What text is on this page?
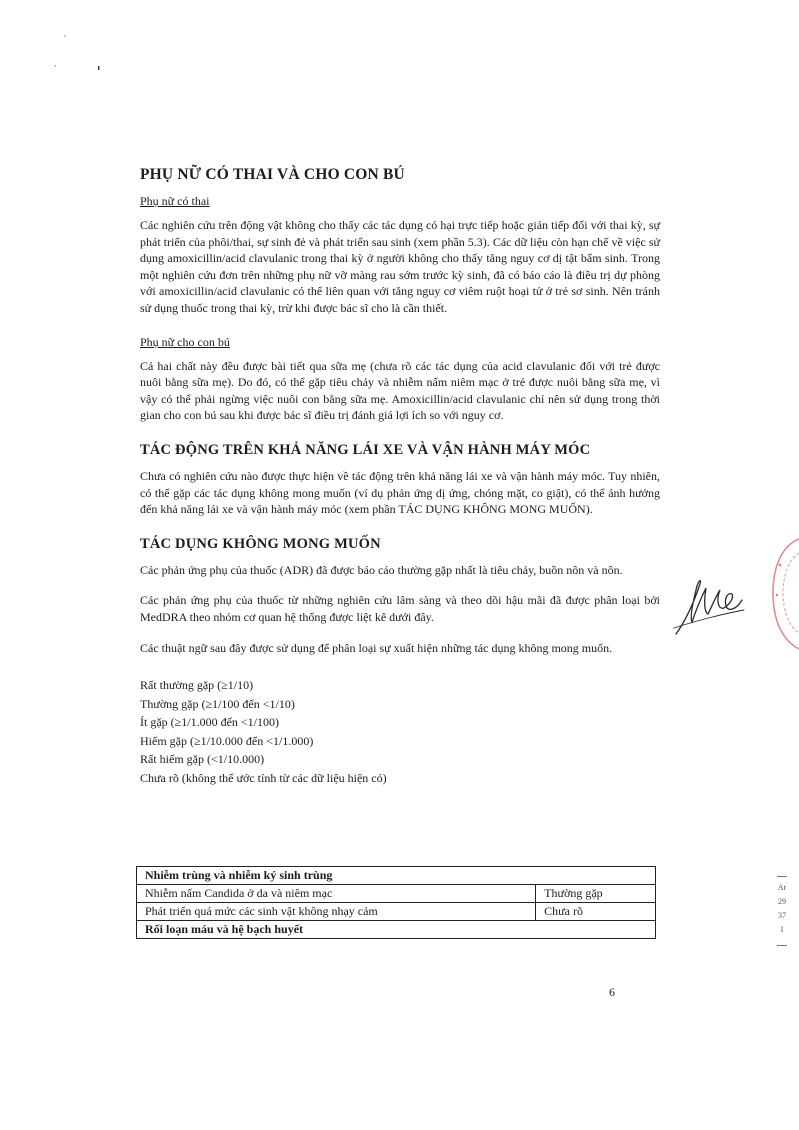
PHỤ NỮ CÓ THAI VÀ CHO CON BÚ
Phụ nữ có thai

Các nghiên cứu trên động vật không cho thấy các tác dụng có hại trực tiếp hoặc gián tiếp đối với thai kỳ, sự phát triển của phôi/thai, sự sinh đẻ và phát triển sau sinh (xem phần 5.3). Các dữ liệu còn hạn chế về việc sử dụng amoxicillin/acid clavulanic trong thai kỳ ở người không cho thấy tăng nguy cơ dị tật bẩm sinh. Trong một nghiên cứu đơn trên những phụ nữ vỡ màng rau sớm trước kỳ sinh, đã có báo cáo là điều trị dự phòng với amoxicillin/acid clavulanic có thể liên quan với tăng nguy cơ viêm ruột hoại tử ở trẻ sơ sinh. Nên tránh sử dụng thuốc trong thai kỳ, trừ khi được bác sĩ cho là cần thiết.

Phụ nữ cho con bú

Cả hai chất này đều được bài tiết qua sữa mẹ (chưa rõ các tác dụng của acid clavulanic đối với trẻ được nuôi bằng sữa mẹ). Do đó, có thể gặp tiêu chảy và nhiễm nấm niêm mạc ở trẻ được nuôi bằng sữa mẹ, vì vậy có thể phải ngừng việc nuôi con bằng sữa mẹ. Amoxicillin/acid clavulanic chỉ nên sử dụng trong thời gian cho con bú sau khi được bác sĩ điều trị đánh giá lợi ích so với nguy cơ.

TÁC ĐỘNG TRÊN KHẢ NĂNG LÁI XE VÀ VẬN HÀNH MÁY MÓC

Chưa có nghiên cứu nào được thực hiện về tác động trên khả năng lái xe và vận hành máy móc. Tuy nhiên, có thể gặp các tác dụng không mong muốn (ví dụ phản ứng dị ứng, chóng mặt, co giật), có thể ảnh hưởng đến khả năng lái xe và vận hành máy móc (xem phần TÁC DỤNG KHÔNG MONG MUỐN).

TÁC DỤNG KHÔNG MONG MUỐN

Các phản ứng phụ của thuốc (ADR) đã được báo cáo thường gặp nhất là tiêu chảy, buồn nôn và nôn.

Các phản ứng phụ của thuốc từ những nghiên cứu lâm sàng và theo dõi hậu mãi đã được phân loại bởi MedDRA theo nhóm cơ quan hệ thống được liệt kê dưới đây.

Các thuật ngữ sau đây được sử dụng để phân loại sự xuất hiện những tác dụng không mong muốn.

Rất thường gặp (≥1/10)
Thường gặp (≥1/100 đến <1/10)
Ít gặp (≥1/1.000 đến <1/100)
Hiếm gặp (≥1/10.000 đến <1/1.000)
Rất hiếm gặp (<1/10.000)
Chưa rõ (không thể ước tính từ các dữ liệu hiện có)
Nhiễm trùng và nhiễm ký sinh trùng	
Nhiễm nấm Candida ở da và niêm mạc	Thường gặp
Phát triển quá mức các sinh vật không nhạy cảm	Chưa rõ
Rối loạn máu và hệ bạch huyết	
6
Ar
29
37
I
